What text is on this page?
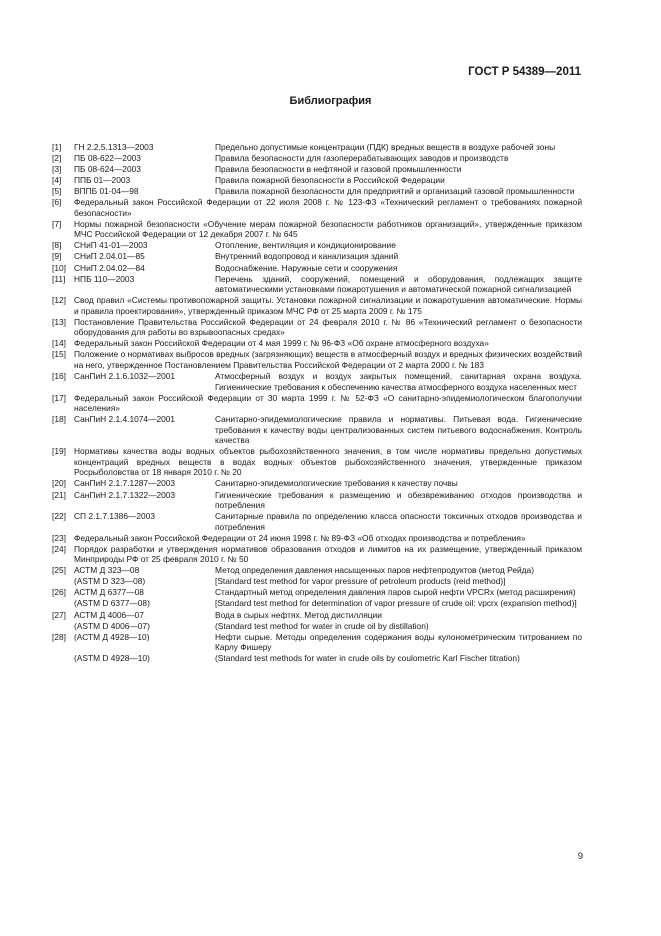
ГОСТ Р 54389—2011
Библиография
[1]	ГН 2.2.5.1313—2003	Предельно допустимые концентрации (ПДК) вредных веществ в воздухе рабочей зоны
[2]	ПБ 08-622—2003	Правила безопасности для газоперерабатывающих заводов и производств
[3]	ПБ 08-624—2003	Правила безопасности в нефтяной и газовой промышленности
[4]	ППБ 01—2003	Правила пожарной безопасности в Российской Федерации
[5]	ВППБ 01-04—98	Правила пожарной безопасности для предприятий и организаций газовой промышленности
[6]	Федеральный закон Российской Федерации от 22 июля 2008 г. № 123-ФЗ «Технический регламент о требованиях пожарной безопасности»
[7]	Нормы пожарной безопасности «Обучение мерам пожарной безопасности работников организаций», утвержденные приказом МЧС Российской Федерации от 12 декабря 2007 г. № 645
[8]	СНиП 41-01—2003	Отопление, вентиляция и кондиционирование
[9]	СНиП 2.04.01—85	Внутренний водопровод и канализация зданий
[10] СНиП 2.04.02—84	Водоснабжение. Наружные сети и сооружения
[11]	НПБ 110—2003	Перечень зданий, сооружений, помещений и оборудования, подлежащих защите автоматическими установками пожаротушения и автоматической пожарной сигнализацией
[12] Свод правил «Системы противопожарной защиты. Установки пожарной сигнализации и пожаротушения автоматические. Нормы и правила проектирования», утвержденный приказом МЧС РФ от 25 марта 2009 г. № 175
[13] Постановление Правительства Российской Федерации от 24 февраля 2010 г. № 86 «Технический регламент о безопасности оборудования для работы во взрывоопасных средах»
[14] Федеральный закон Российской Федерации от 4 мая 1999 г. № 96-ФЗ «Об охране атмосферного воздуха»
[15] Положение о нормативах выбросов вредных (загрязняющих) веществ в атмосферный воздух и вредных физических воздействий на него, утвержденное Постановлением Правительства Российской Федерации от 2 марта 2000 г. № 183
[16] СанПиН 2.1.6.1032—2001	Атмосферный воздух и воздух закрытых помещений, санитарная охрана воздуха. Гигиенические требования к обеспечению качества атмосферного воздуха населенных мест
[17] Федеральный закон Российской Федерации от 30 марта 1999 г. № 52-ФЗ «О санитарно-эпидемиологическом благополучии населения»
[18] СанПиН 2.1.4.1074—2001	Санитарно-эпидемиологические правила и нормативы. Питьевая вода. Гигиенические требования к качеству воды централизованных систем питьевого водоснабжения. Контроль качества
[19] Нормативы качества воды водных объектов рыбохозяйственного значения, в том числе нормативы предельно допустимых концентраций вредных веществ в водах водных объектов рыбохозяйственного значения, утвержденные приказом Росрыболовства от 18 января 2010 г. № 20
[20] СанПиН 2.1.7.1287—2003	Санитарно-эпидемиологические требования к качеству почвы
[21] СанПиН 2.1.7.1322—2003	Гигиенические требования к размещению и обезвреживанию отходов производства и потребления
[22] СП 2.1.7.1386—2003	Санитарные правила по определению класса опасности токсичных отходов производства и потребления
[23] Федеральный закон Российской Федерации от 24 июня 1998 г. № 89-ФЗ «Об отходах производства и потребления»
[24] Порядок разработки и утверждения нормативов образования отходов и лимитов на их размещение, утвержденный приказом Минприроды РФ от 25 февраля 2010 г. № 50
[25] АСТМ Д 323—08	Метод определения давления насыщенных паров нефтепродуктов (метод Рейда)
(ASTM D 323—08)	[Standard test method for vapor pressure of petroleum products (reid method)]
[26] АСТМ Д 6377—08	Стандартный метод определения давления паров сырой нефти VPCRx (метод расширения)
(ASTM D 6377—08)	[Standard test method for determination of vapor pressure of crude oil: vpcrx (expansion method)]
[27] АСТМ Д 4006—07	Вода в сырых нефтях. Метод дистилляции
(ASTM D 4006—07)	(Standard test method for water in crude oil by distillation)
[28] (АСТМ Д 4928—10)	Нефти сырые. Методы определения содержания воды кулонометрическим титрованием по Карлу Фишеру
(ASTM D 4928—10)	(Standard test methods for water in crude oils by coulometric Karl Fischer titration)
9
